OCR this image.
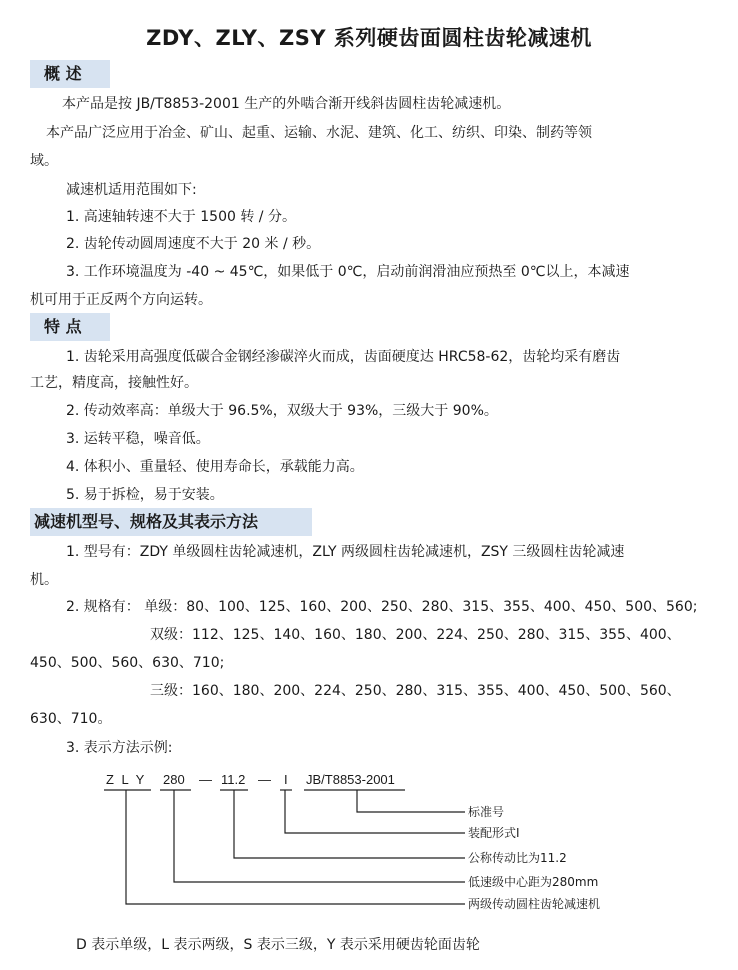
ZDY、ZLY、ZSY 系列硬齿面圆柱齿轮减速机
概 述
本产品是按 JB/T8853-2001 生产的外啮合渐开线斜齿圆柱齿轮减速机。
本产品广泛应用于冶金、矿山、起重、运输、水泥、建筑、化工、纺织、印染、制药等领
域。
减速机适用范围如下:
1. 高速轴转速不大于 1500 转 / 分。
2. 齿轮传动圆周速度不大于 20 米 / 秒。
3. 工作环境温度为 -40 ~ 45℃，如果低于 0℃，启动前润滑油应预热至 0℃以上，本减速
机可用于正反两个方向运转。
特 点
1. 齿轮采用高强度低碳合金钢经渗碳淬火而成，齿面硬度达 HRC58-62，齿轮均采有磨齿
工艺，精度高，接触性好。
2. 传动效率高：单级大于 96.5%，双级大于 93%，三级大于 90%。
3. 运转平稳，噪音低。
4. 体积小、重量轻、使用寿命长，承载能力高。
5. 易于拆检，易于安装。
减速机型号、规格及其表示方法
1. 型号有：ZDY 单级圆柱齿轮减速机，ZLY 两级圆柱齿轮减速机，ZSY 三级圆柱齿轮减速
机。
2. 规格有： 单级：80、100、125、160、200、250、280、315、355、400、450、500、560;
双级：112、125、140、160、180、200、224、250、280、315、355、400、
450、500、560、630、710;
三级：160、180、200、224、250、280、315、355、400、450、500、560、
630、710。
3. 表示方法示例:
Z L Y 280 — 11.2 — I JB/T8853-2001
标准号
装配形式I
公称传动比为11.2
低速级中心距为280mm
两级传动圆柱齿轮减速机
D 表示单级，L 表示两级，S 表示三级，Y 表示采用硬齿轮面齿轮
